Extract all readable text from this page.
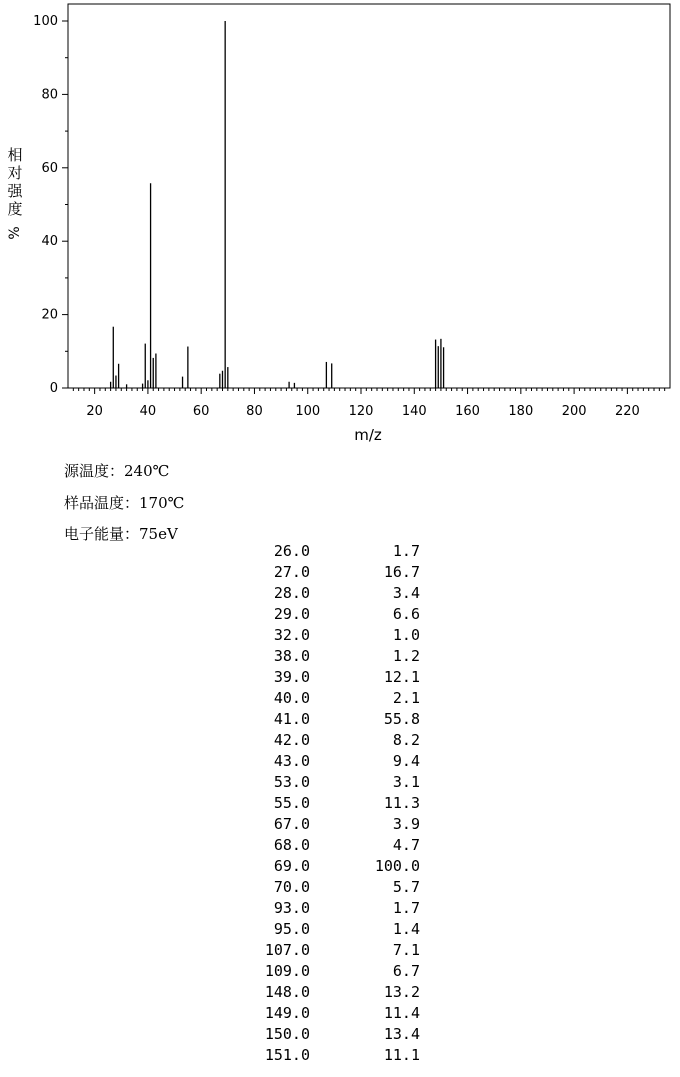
0
20
40
60
80
100
20	40	60	80	100 120 140 160 180 200 220
m/z
相
对
强
度
%
源温度：240℃
样品温度：170℃
电子能量：75eV
26.0	1.7
27.0	16.7
28.0	3.4
29.0	6.6
32.0	1.0
38.0	1.2
39.0	12.1
40.0	2.1
41.0	55.8
42.0	8.2
43.0	9.4
53.0	3.1
55.0	11.3
67.0	3.9
68.0	4.7
69.0	100.0
70.0	5.7
93.0	1.7
95.0	1.4
107.0	7.1
109.0	6.7
148.0	13.2
149.0	11.4
150.0	13.4
151.0	11.1
